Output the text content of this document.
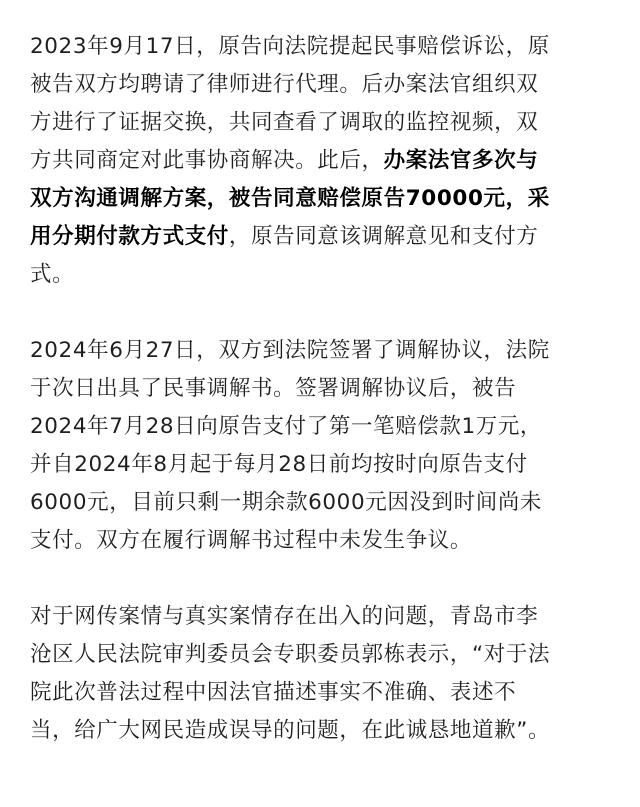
2023年9月17日，原告向法院提起民事赔偿诉讼，原
被告双方均聘请了律师进行代理。后办案法官组织双
方进行了证据交换，共同查看了调取的监控视频，双
方共同商定对此事协商解决。此后，办案法官多次与
双方沟通调解方案，被告同意赔偿原告70000元，采
用分期付款方式支付，原告同意该调解意见和支付方
式。

2024年6月27日，双方到法院签署了调解协议，法院
于次日出具了民事调解书。签署调解协议后，被告
2024年7月28日向原告支付了第一笔赔偿款1万元，
并自2024年8月起于每月28日前均按时向原告支付
6000元，目前只剩一期余款6000元因没到时间尚未
支付。双方在履行调解书过程中未发生争议。

对于网传案情与真实案情存在出入的问题，青岛市李
沧区人民法院审判委员会专职委员郭栋表示，“对于法
院此次普法过程中因法官描述事实不准确、表述不
当，给广大网民造成误导的问题，在此诚恳地道歉”。
